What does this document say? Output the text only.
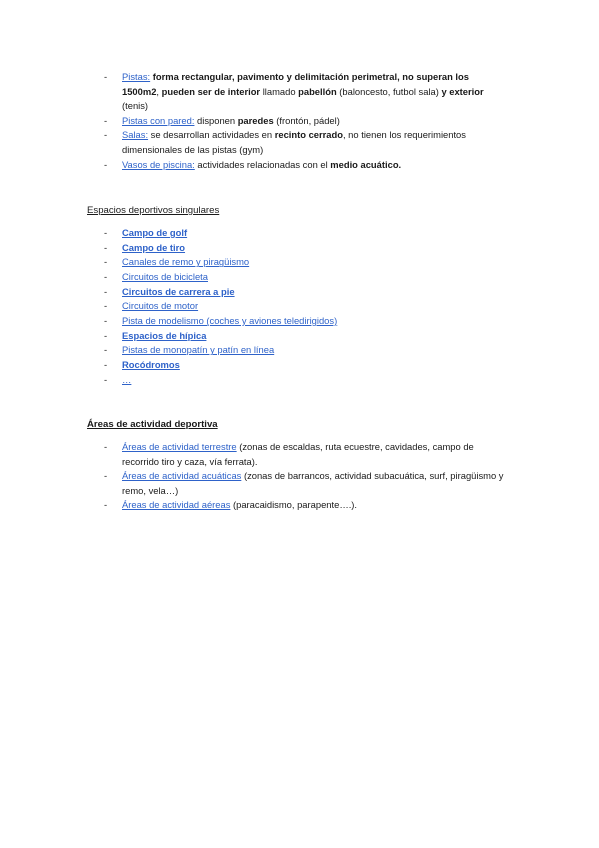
- Pistas: forma rectangular, pavimento y delimitación perimetral, no superan los 1500m2, pueden ser de interior llamado pabellón (baloncesto, futbol sala) y exterior (tenis)
- Pistas con pared: disponen paredes (frontón, pádel)
- Salas: se desarrollan actividades en recinto cerrado, no tienen los requerimientos dimensionales de las pistas (gym)
- Vasos de piscina: actividades relacionadas con el medio acuático.
Espacios deportivos singulares
- Campo de golf
- Campo de tiro
- Canales de remo y piragüismo
- Circuitos de bicicleta
- Circuitos de carrera a pie
- Circuitos de motor
- Pista de modelismo (coches y aviones teledirigidos)
- Espacios de hípica
- Pistas de monopatín y patín en línea
- Rocódromos
- …
Áreas de actividad deportiva
- Áreas de actividad terrestre (zonas de escaldas, ruta ecuestre, cavidades, campo de recorrido tiro y caza, vía ferrata).
- Áreas de actividad acuáticas (zonas de barrancos, actividad subacuática, surf, piragüismo y remo, vela…)
- Áreas de actividad aéreas (paracaidismo, parapente….).
